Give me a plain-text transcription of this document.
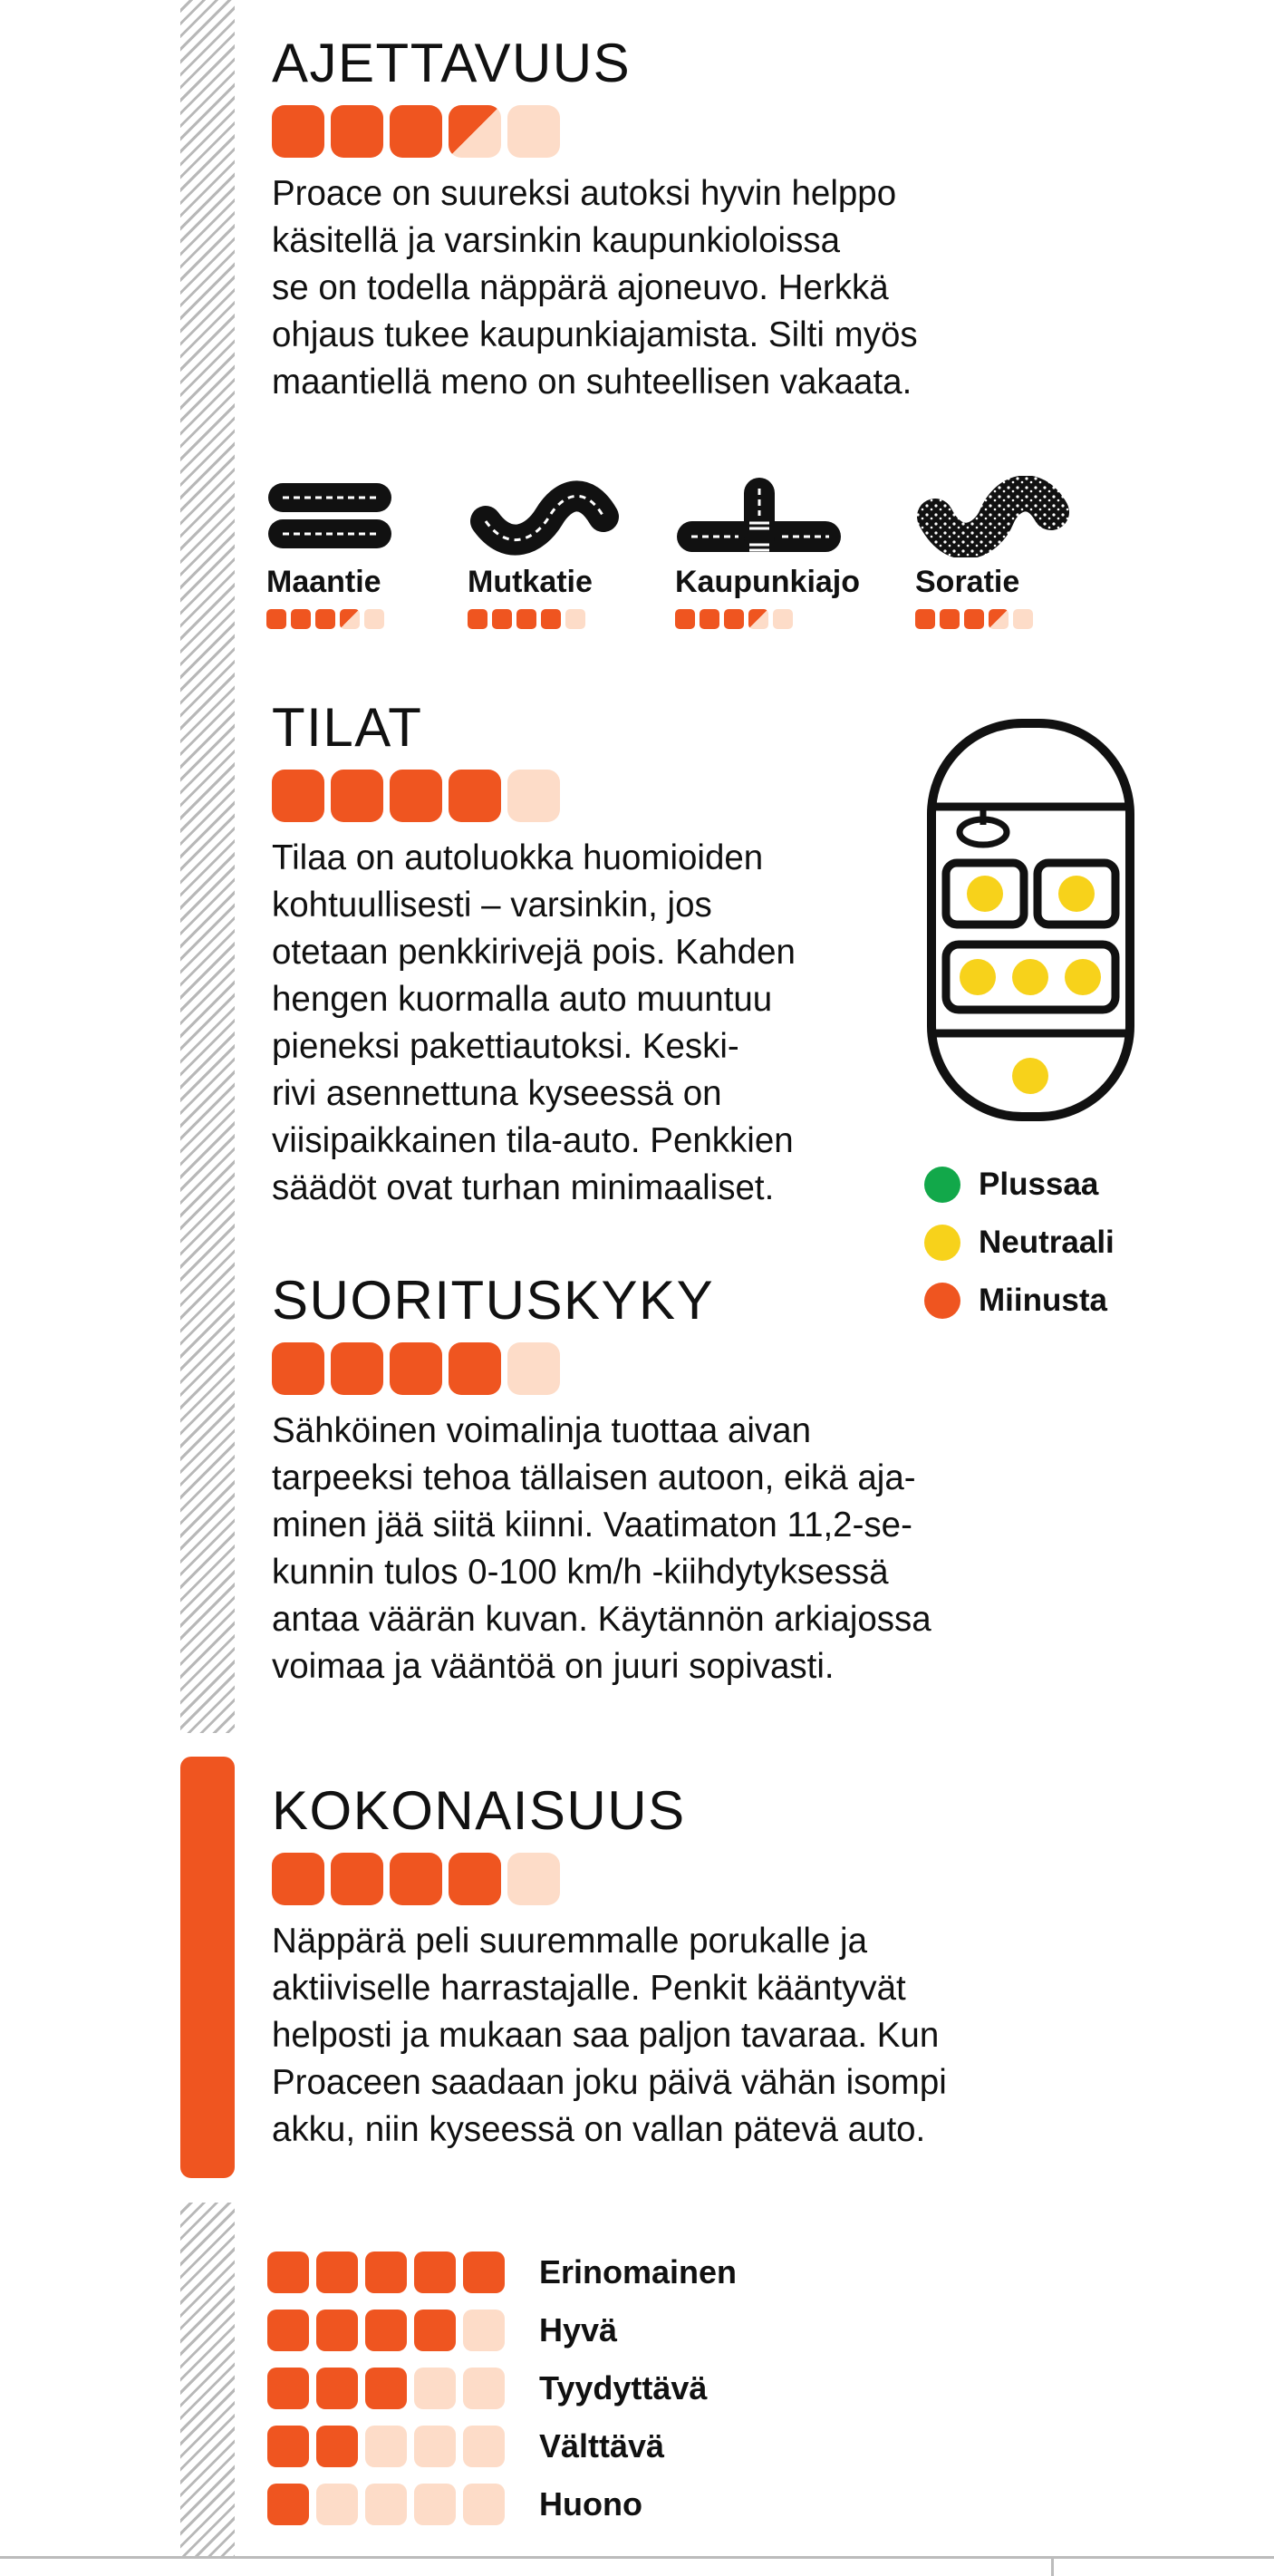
AJETTAVUUS
Proace on suureksi autoksi hyvin helppo
käsitellä ja varsinkin kaupunkioloissa
se on todella näppärä ajoneuvo. Herkkä
ohjaus tukee kaupunkiajamista. Silti myös
maantiellä meno on suhteellisen vakaata.
Maantie	Mutkatie	Kaupunkiajo Soratie
TILAT
Tilaa on autoluokka huomioiden
kohtuullisesti – varsinkin, jos
otetaan penkkirivejä pois. Kahden
hengen kuormalla auto muuntuu
pieneksi pakettiautoksi. Keski-
rivi asennettuna kyseessä on
viisipaikkainen tila-auto. Penkkien
säädöt ovat turhan minimaaliset.	Plussaa
Neutraali
Miinusta
SUORITUSKYKY
Sähköinen voimalinja tuottaa aivan
tarpeeksi tehoa tällaisen autoon, eikä aja-
minen jää siitä kiinni. Vaatimaton 11,2-se-
kunnin tulos 0-100 km/h -kiihdytyksessä
antaa väärän kuvan. Käytännön arkiajossa
voimaa ja vääntöä on juuri sopivasti.
KOKONAISUUS
Näppärä peli suuremmalle porukalle ja
aktiiviselle harrastajalle. Penkit kääntyvät
helposti ja mukaan saa paljon tavaraa. Kun
Proaceen saadaan joku päivä vähän isompi
akku, niin kyseessä on vallan pätevä auto.
Erinomainen
Hyvä
Tyydyttävä
Välttävä
Huono
